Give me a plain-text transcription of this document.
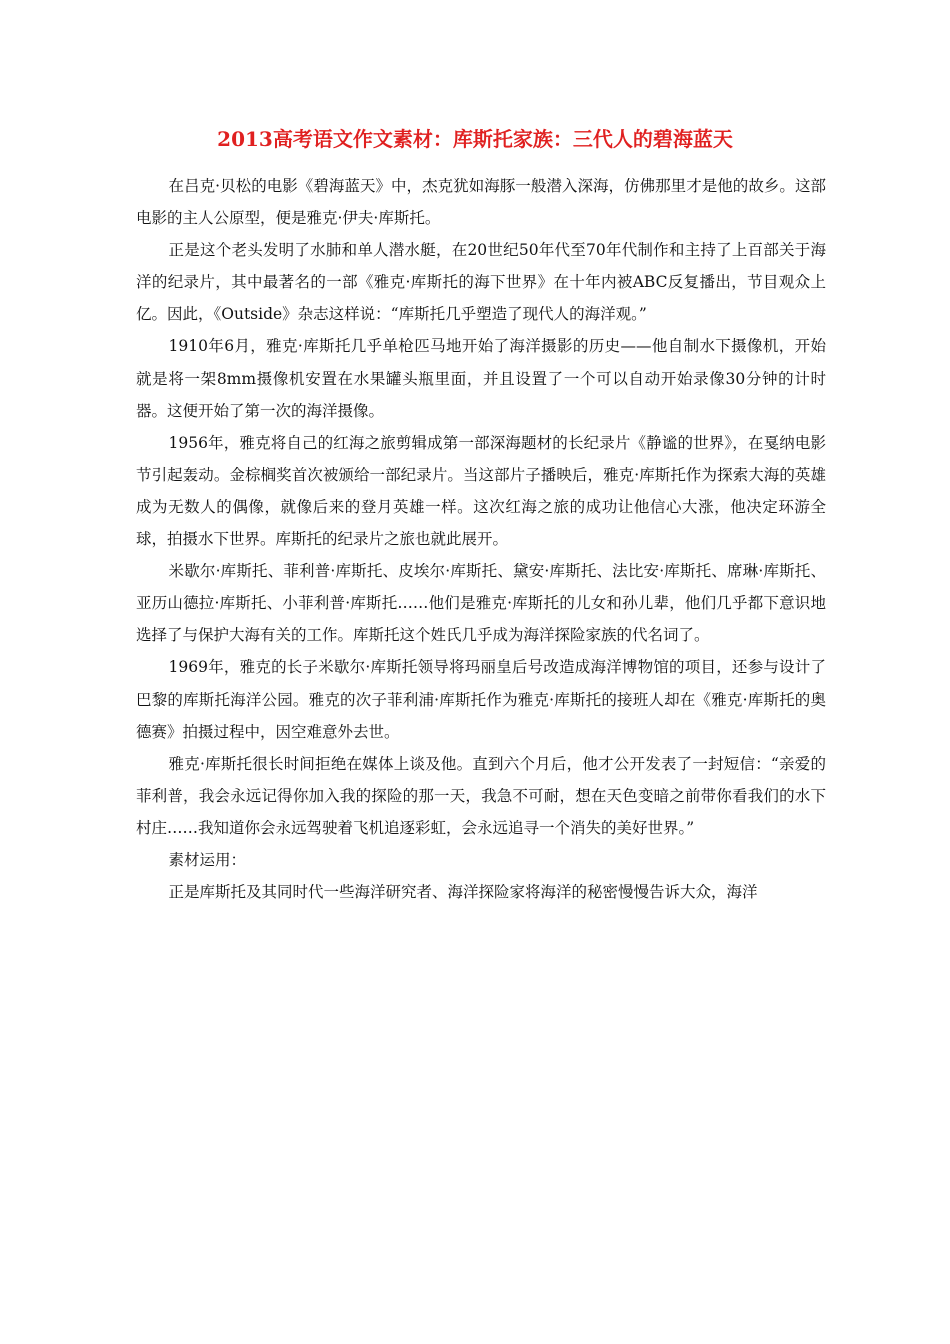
2013高考语文作文素材：库斯托家族：三代人的碧海蓝天

在吕克·贝松的电影《碧海蓝天》中，杰克犹如海豚一般潜入深海，仿佛那里才是他的故乡。这部电影的主人公原型，便是雅克·伊夫·库斯托。

正是这个老头发明了水肺和单人潜水艇，在20世纪50年代至70年代制作和主持了上百部关于海洋的纪录片，其中最著名的一部《雅克·库斯托的海下世界》在十年内被ABC反复播出，节目观众上亿。因此，《Outside》杂志这样说：“库斯托几乎塑造了现代人的海洋观。”

1910年6月，雅克·库斯托几乎单枪匹马地开始了海洋摄影的历史——他自制水下摄像机，开始就是将一架8mm摄像机安置在水果罐头瓶里面，并且设置了一个可以自动开始录像30分钟的计时器。这便开始了第一次的海洋摄像。

1956年，雅克将自己的红海之旅剪辑成第一部深海题材的长纪录片《静谧的世界》，在戛纳电影节引起轰动。金棕榈奖首次被颁给一部纪录片。当这部片子播映后，雅克·库斯托作为探索大海的英雄成为无数人的偶像，就像后来的登月英雄一样。这次红海之旅的成功让他信心大涨，他决定环游全球，拍摄水下世界。库斯托的纪录片之旅也就此展开。

米歇尔·库斯托、菲利普·库斯托、皮埃尔·库斯托、黛安·库斯托、法比安·库斯托、席琳·库斯托、亚历山德拉·库斯托、小菲利普·库斯托……他们是雅克·库斯托的儿女和孙儿辈，他们几乎都下意识地选择了与保护大海有关的工作。库斯托这个姓氏几乎成为海洋探险家族的代名词了。

1969年，雅克的长子米歇尔·库斯托领导将玛丽皇后号改造成海洋博物馆的项目，还参与设计了巴黎的库斯托海洋公园。雅克的次子菲利浦·库斯托作为雅克·库斯托的接班人却在《雅克·库斯托的奥德赛》拍摄过程中，因空难意外去世。

雅克·库斯托很长时间拒绝在媒体上谈及他。直到六个月后，他才公开发表了一封短信：“亲爱的菲利普，我会永远记得你加入我的探险的那一天，我急不可耐，想在天色变暗之前带你看我们的水下村庄……我知道你会永远驾驶着飞机追逐彩虹，会永远追寻一个消失的美好世界。”

素材运用：

正是库斯托及其同时代一些海洋研究者、海洋探险家将海洋的秘密慢慢告诉大众，海洋
